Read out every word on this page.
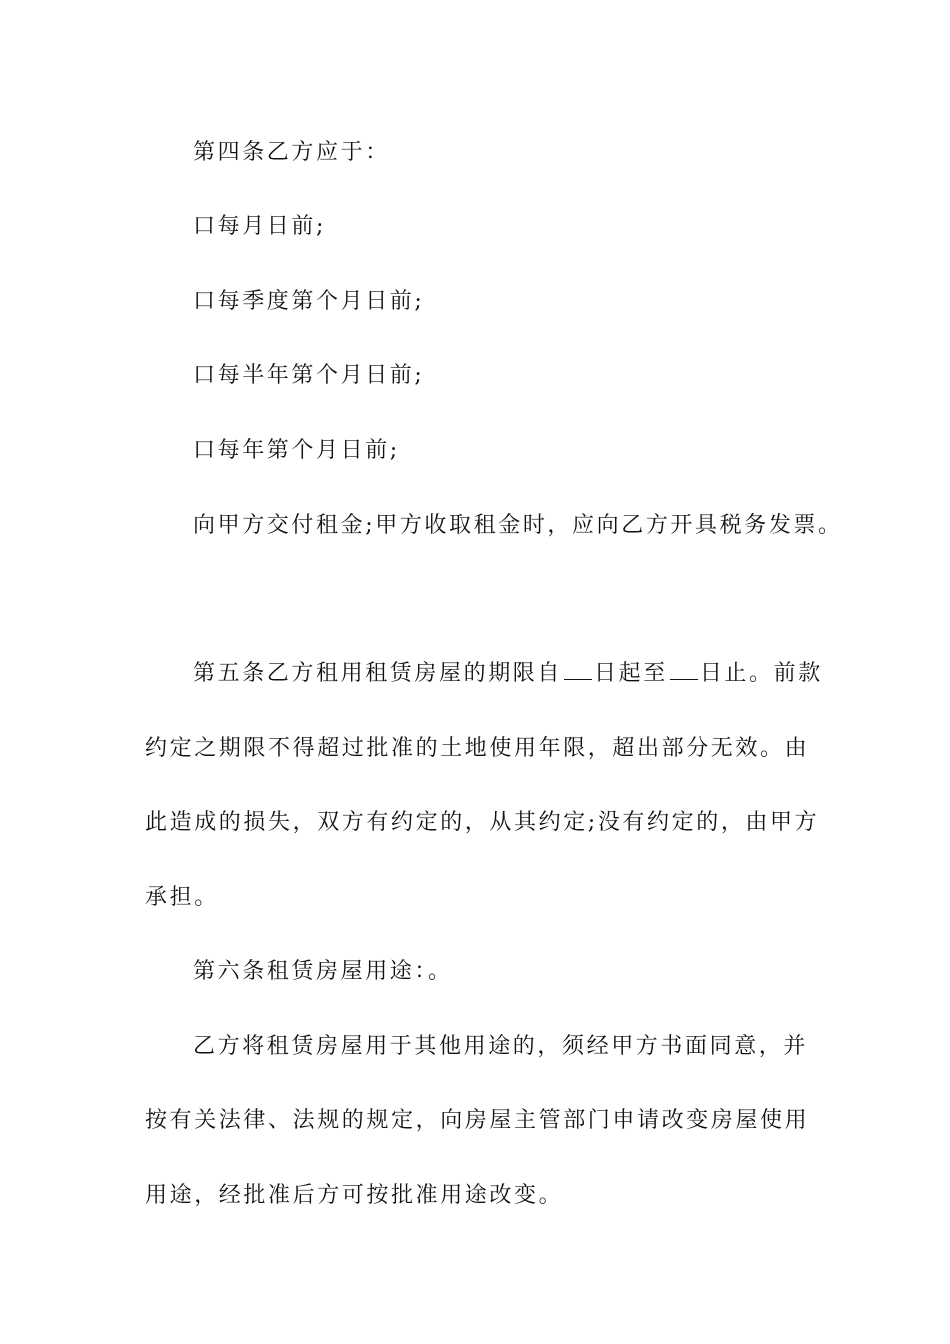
第四条乙方应于：

口每月日前;

口每季度第个月日前;

口每半年第个月日前;

口每年第个月日前;

向甲方交付租金;甲方收取租金时，应向乙方开具税务发票。

第五条乙方租用租赁房屋的期限自 日起至 日止。前款

约定之期限不得超过批准的土地使用年限，超出部分无效。由

此造成的损失，双方有约定的，从其约定;没有约定的，由甲方

承担。

第六条租赁房屋用途：。

乙方将租赁房屋用于其他用途的，须经甲方书面同意，并

按有关法律、法规的规定，向房屋主管部门申请改变房屋使用

用途，经批准后方可按批准用途改变。
